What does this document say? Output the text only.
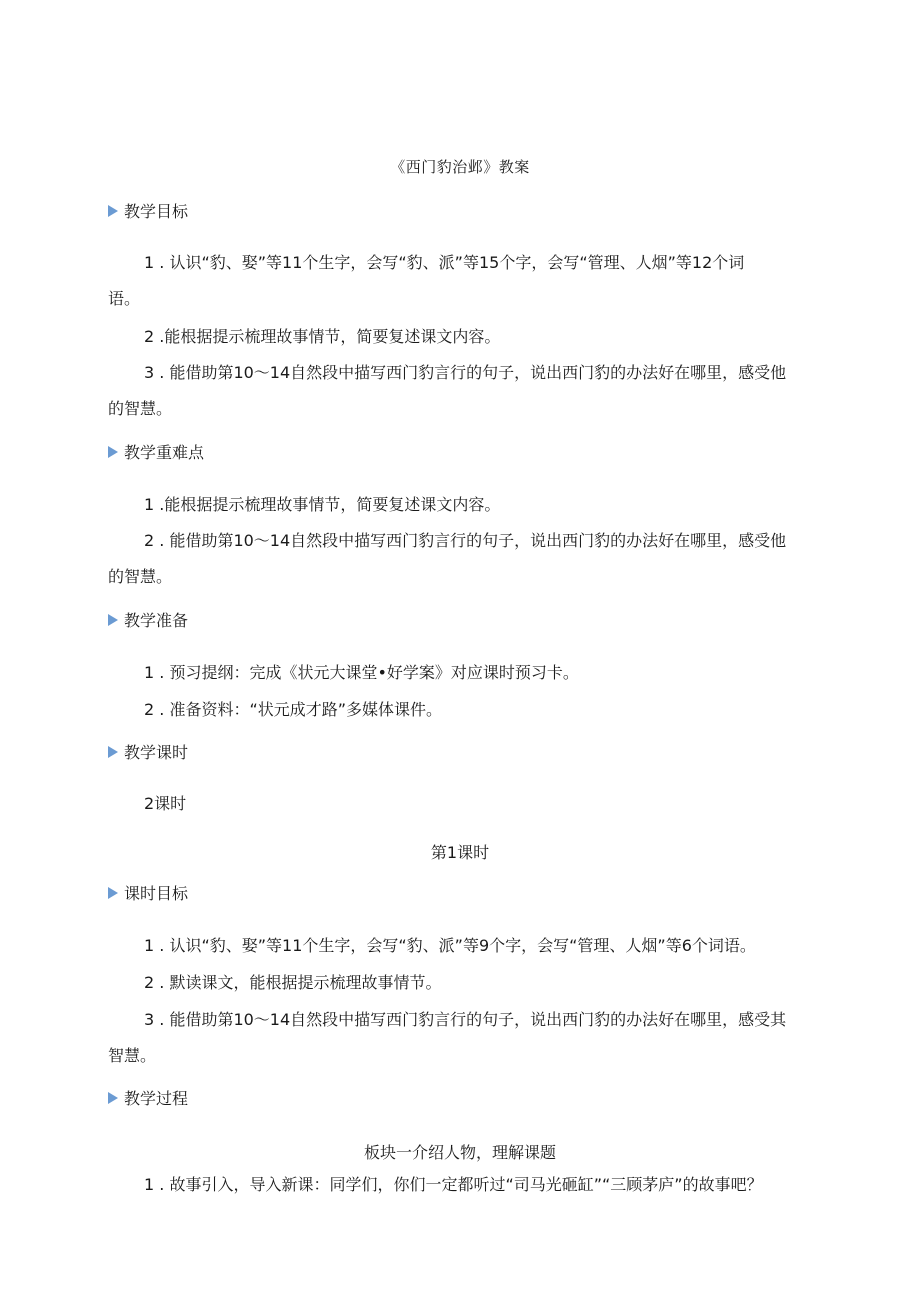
《西门豹治邺》教案
教学目标
1 . 认识“豹、娶”等11个生字，会写“豹、派”等15个字，会写“管理、人烟”等12个词
语。
2 .能根据提示梳理故事情节，简要复述课文内容。
3 . 能借助第10〜14自然段中描写西门豹言行的句子，说出西门豹的办法好在哪里，感受他
的智慧。
教学重难点
1 .能根据提示梳理故事情节，简要复述课文内容。
2 . 能借助第10〜14自然段中描写西门豹言行的句子，说出西门豹的办法好在哪里，感受他
的智慧。
教学准备
1 . 预习提纲：完成《状元大课堂•好学案》对应课时预习卡。
2 . 准备资料：“状元成才路”多媒体课件。
教学课时
2课时
第1课时
课时目标
1 . 认识“豹、娶”等11个生字，会写“豹、派”等9个字，会写“管理、人烟”等6个词语。
2 . 默读课文，能根据提示梳理故事情节。
3 . 能借助第10〜14自然段中描写西门豹言行的句子，说出西门豹的办法好在哪里，感受其
智慧。
教学过程
板块一介绍人物，理解课题
1 . 故事引入，导入新课：同学们，你们一定都听过“司马光砸缸”“三顾茅庐”的故事吧？
